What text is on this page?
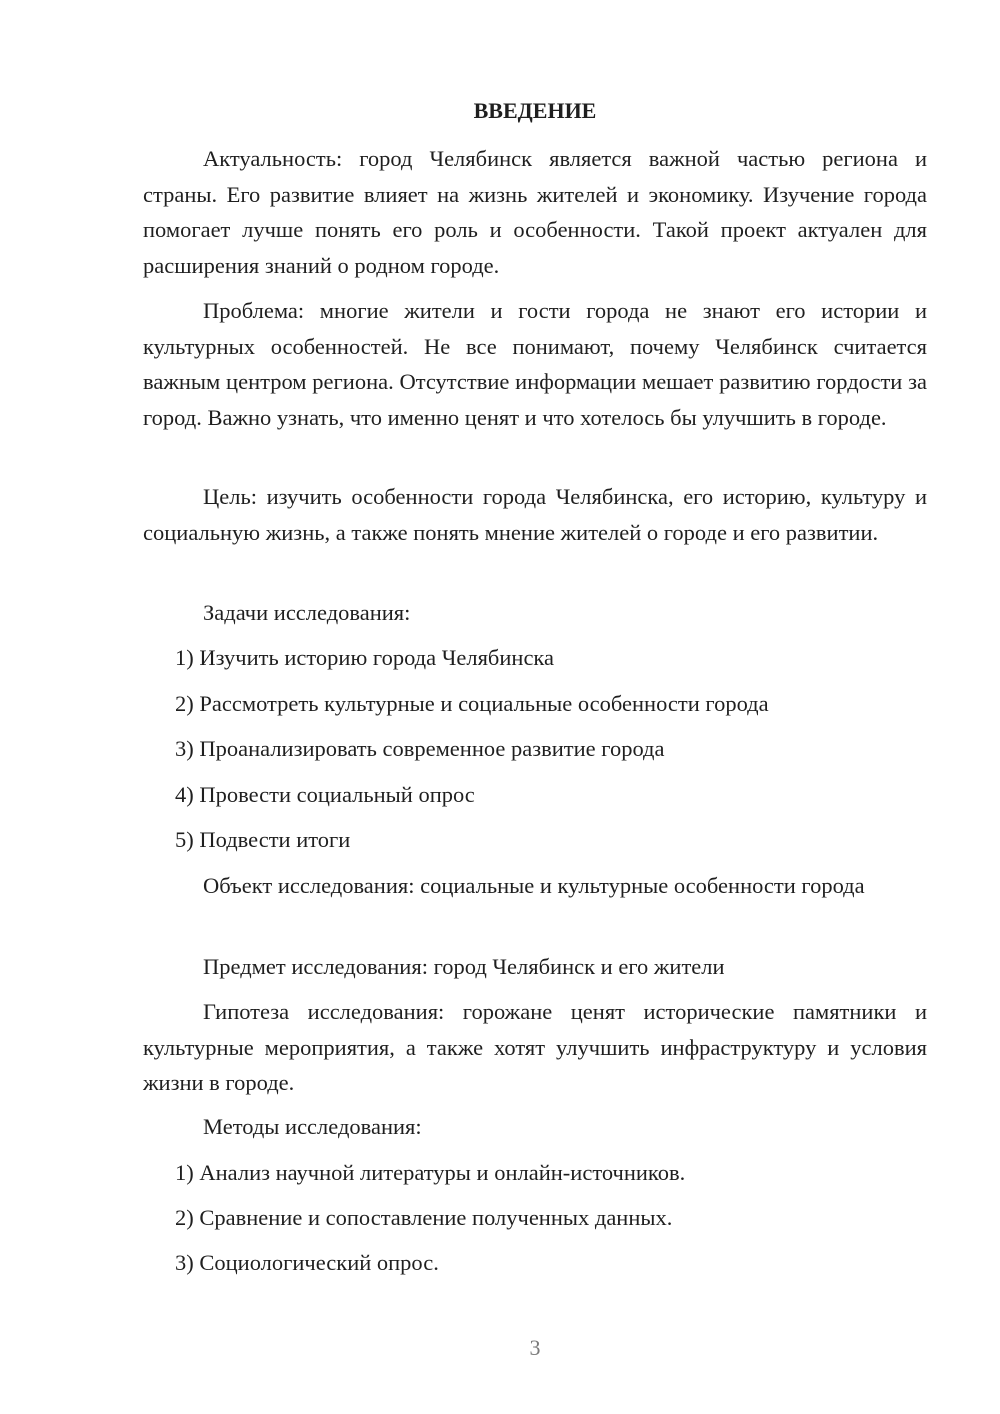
ВВЕДЕНИЕ

Актуальность: город Челябинск является важной частью региона и страны. Его развитие влияет на жизнь жителей и экономику. Изучение города помогает лучше понять его роль и особенности. Такой проект актуален для расширения знаний о родном городе.

Проблема: многие жители и гости города не знают его истории и культурных особенностей. Не все понимают, почему Челябинск считается важным центром региона. Отсутствие информации мешает развитию гордости за город. Важно узнать, что именно ценят и что хотелось бы улучшить в городе.

Цель: изучить особенности города Челябинска, его историю, культуру и социальную жизнь, а также понять мнение жителей о городе и его развитии.

Задачи исследования:

1) Изучить историю города Челябинска

2) Рассмотреть культурные и социальные особенности города

3) Проанализировать современное развитие города

4) Провести социальный опрос

5) Подвести итоги

Объект исследования: социальные и культурные особенности города

Предмет исследования: город Челябинск и его жители

Гипотеза исследования: горожане ценят исторические памятники и культурные мероприятия, а также хотят улучшить инфраструктуру и условия жизни в городе.

Методы исследования:

1) Анализ научной литературы и онлайн-источников.

2) Сравнение и сопоставление полученных данных.

3) Социологический опрос.

3
